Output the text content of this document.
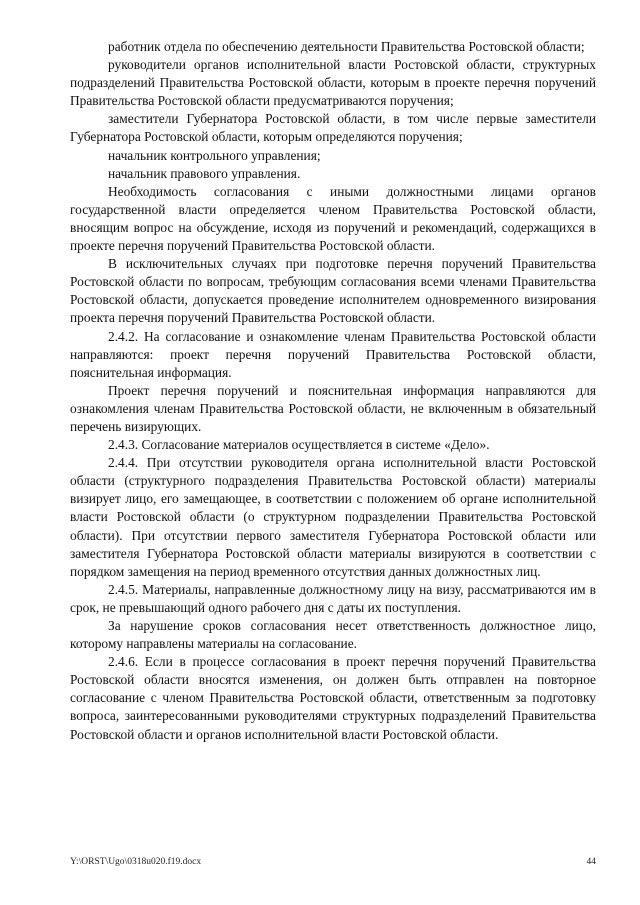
работник отдела по обеспечению деятельности Правительства Ростовской области;

руководители органов исполнительной власти Ростовской области, структурных подразделений Правительства Ростовской области, которым в проекте перечня поручений Правительства Ростовской области предусматриваются поручения;

заместители Губернатора Ростовской области, в том числе первые заместители Губернатора Ростовской области, которым определяются поручения;

начальник контрольного управления;

начальник правового управления.

Необходимость согласования с иными должностными лицами органов государственной власти определяется членом Правительства Ростовской области, вносящим вопрос на обсуждение, исходя из поручений и рекомендаций, содержащихся в проекте перечня поручений Правительства Ростовской области.

В исключительных случаях при подготовке перечня поручений Правительства Ростовской области по вопросам, требующим согласования всеми членами Правительства Ростовской области, допускается проведение исполнителем одновременного визирования проекта перечня поручений Правительства Ростовской области.

2.4.2. На согласование и ознакомление членам Правительства Ростовской области направляются: проект перечня поручений Правительства Ростовской области, пояснительная информация.

Проект перечня поручений и пояснительная информация направляются для ознакомления членам Правительства Ростовской области, не включенным в обязательный перечень визирующих.

2.4.3. Согласование материалов осуществляется в системе «Дело».

2.4.4. При отсутствии руководителя органа исполнительной власти Ростовской области (структурного подразделения Правительства Ростовской области) материалы визирует лицо, его замещающее, в соответствии с положением об органе исполнительной власти Ростовской области (о структурном подразделении Правительства Ростовской области). При отсутствии первого заместителя Губернатора Ростовской области или заместителя Губернатора Ростовской области материалы визируются в соответствии с порядком замещения на период временного отсутствия данных должностных лиц.

2.4.5. Материалы, направленные должностному лицу на визу, рассматриваются им в срок, не превышающий одного рабочего дня с даты их поступления.

За нарушение сроков согласования несет ответственность должностное лицо, которому направлены материалы на согласование.

2.4.6. Если в процессе согласования в проект перечня поручений Правительства Ростовской области вносятся изменения, он должен быть отправлен на повторное согласование с членом Правительства Ростовской области, ответственным за подготовку вопроса, заинтересованными руководителями структурных подразделений Правительства Ростовской области и органов исполнительной власти Ростовской области.

Y:\ORST\Ugo\0318u020.f19.docx	44
